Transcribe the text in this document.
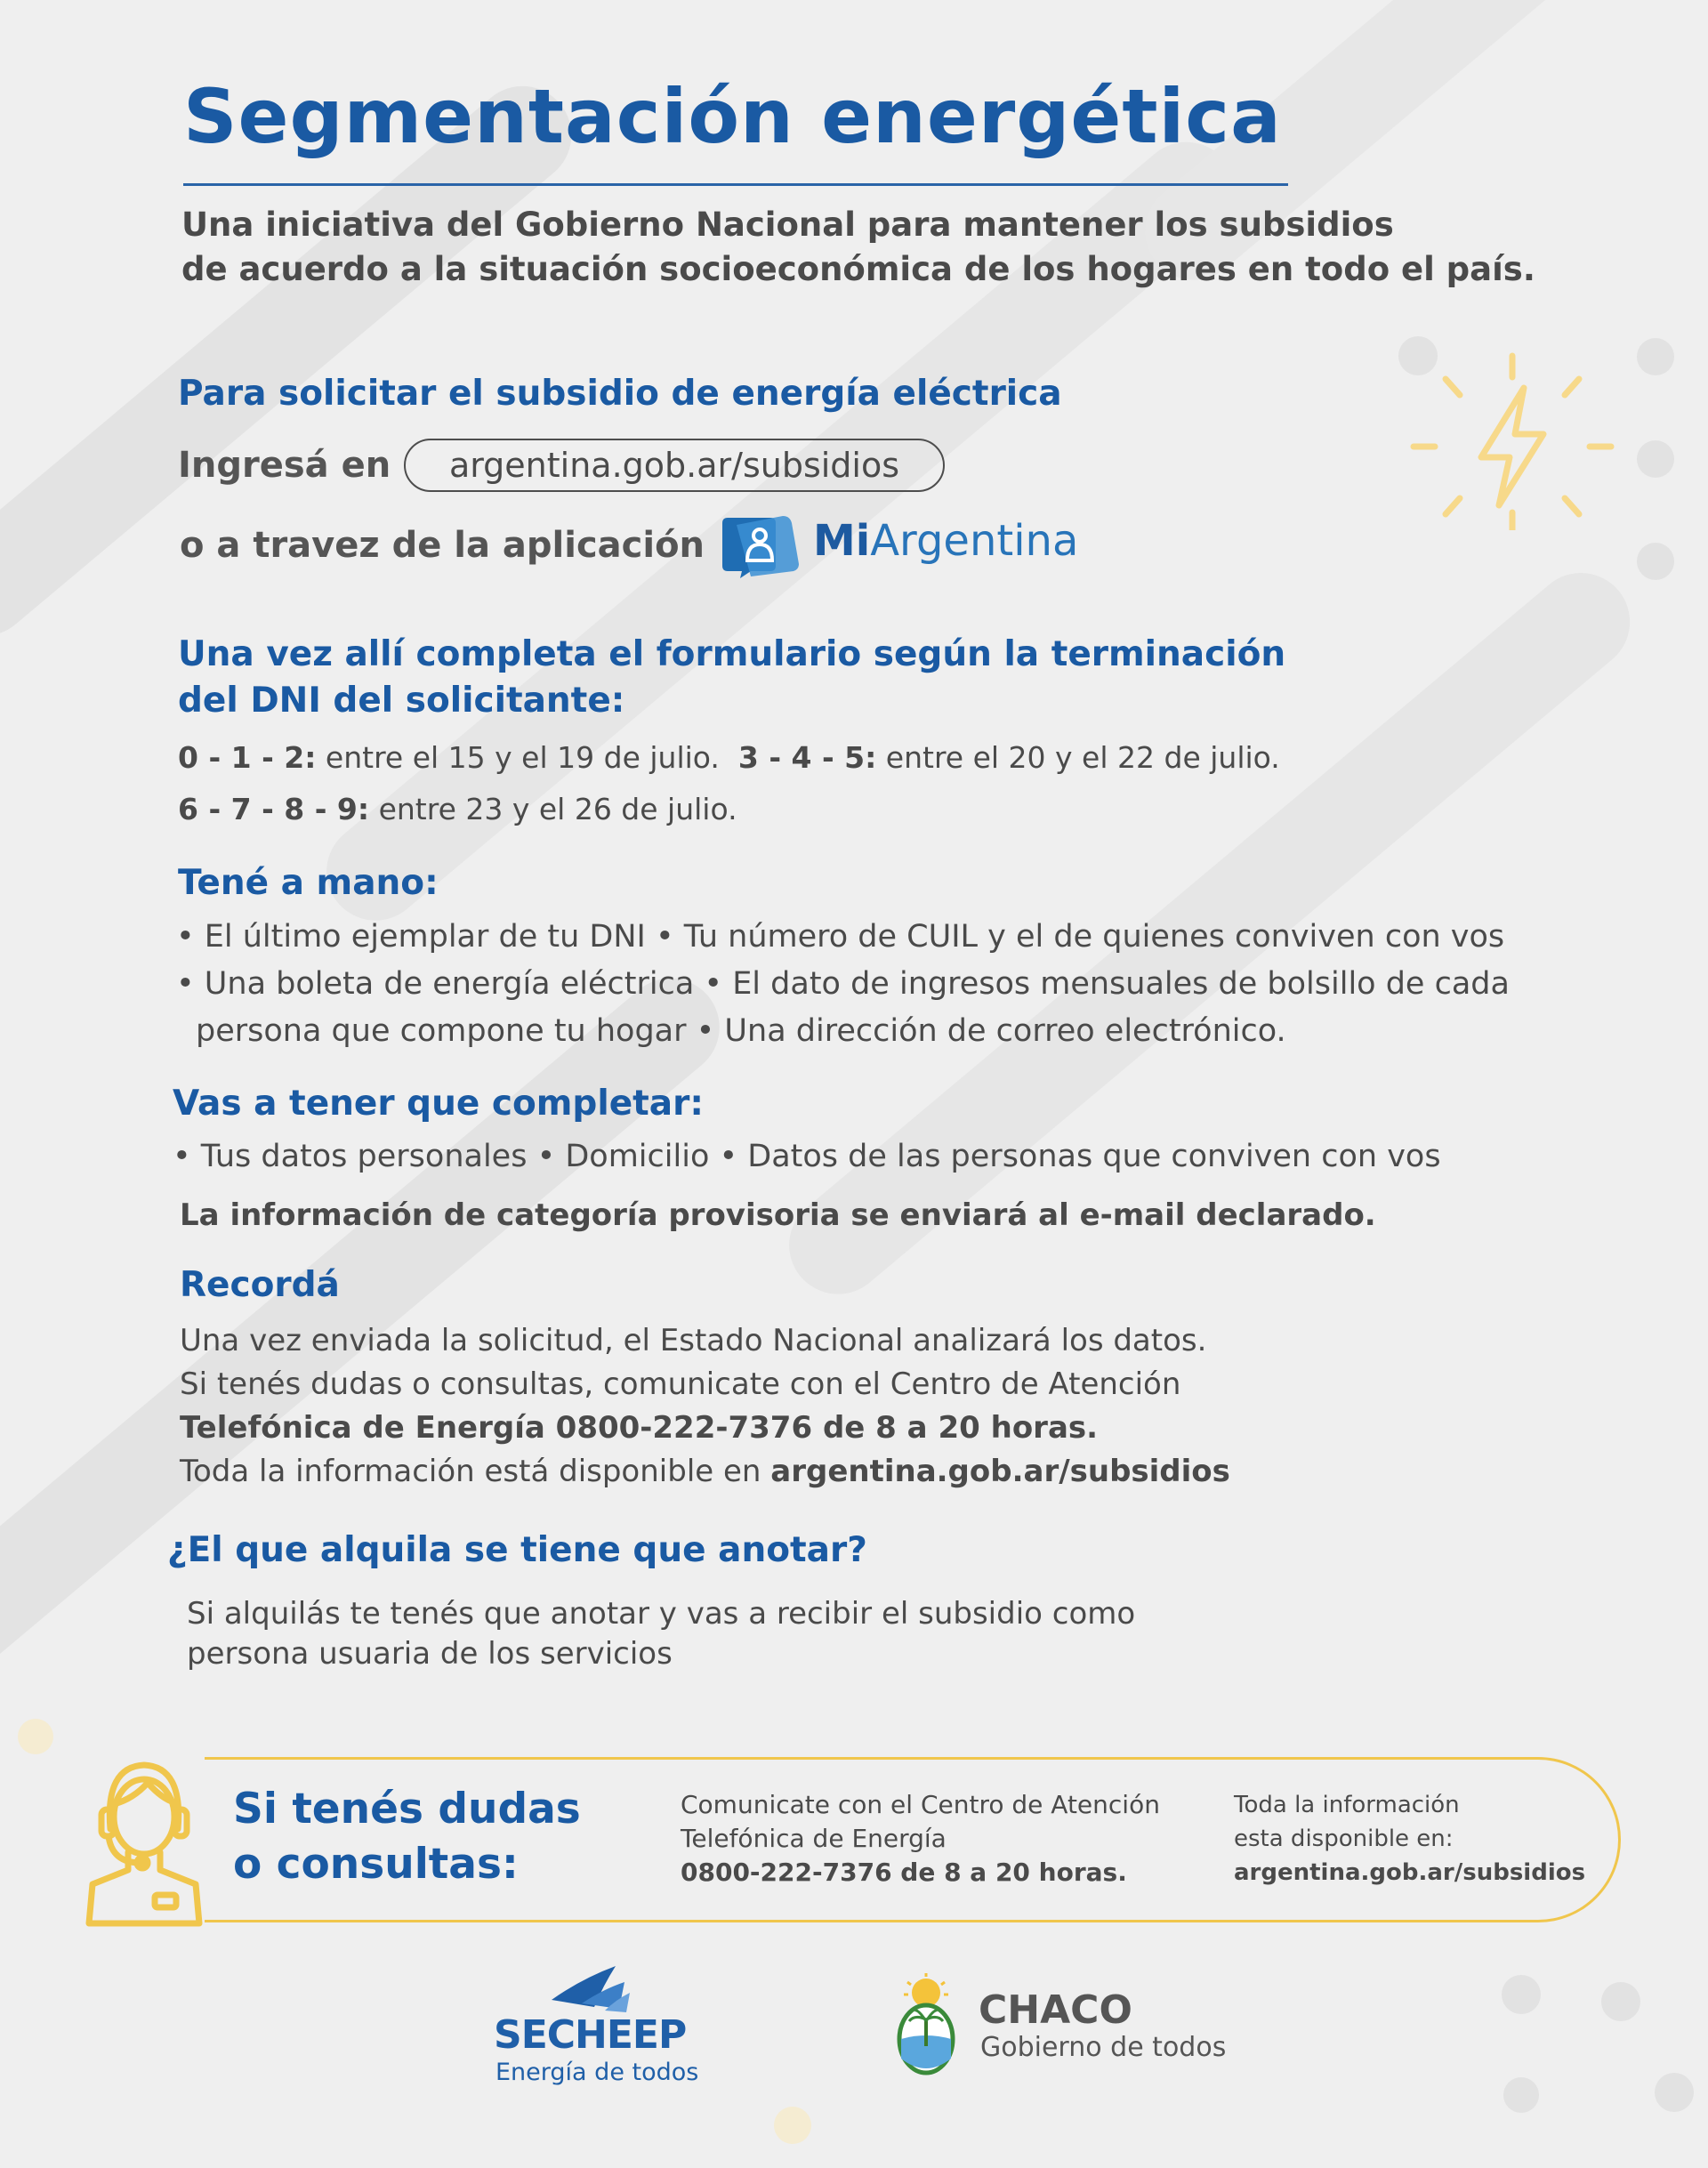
Segmentación energética

Una iniciativa del Gobierno Nacional para mantener los subsidios
de acuerdo a la situación socioeconómica de los hogares en todo el país.

Para solicitar el subsidio de energía eléctrica

Ingresá en	argentina.gob.ar/subsidios

o a travez de la aplicación	MiArgentina

Una vez allí completa el formulario según la terminación
del DNI del solicitante:

0 - 1 - 2: entre el 15 y el 19 de julio. 3 - 4 - 5: entre el 20 y el 22 de julio.

6 - 7 - 8 - 9: entre 23 y el 26 de julio.

Tené a mano:

• El último ejemplar de tu DNI • Tu número de CUIL y el de quienes conviven con vos

• Una boleta de energía eléctrica • El dato de ingresos mensuales de bolsillo de cada

persona que compone tu hogar • Una dirección de correo electrónico.

Vas a tener que completar:

• Tus datos personales • Domicilio • Datos de las personas que conviven con vos

La información de categoría provisoria se enviará al e-mail declarado.

Recordá

Una vez enviada la solicitud, el Estado Nacional analizará los datos.
Si tenés dudas o consultas, comunicate con el Centro de Atención
Telefónica de Energía 0800-222-7376 de 8 a 20 horas.
Toda la información está disponible en argentina.gob.ar/subsidios

¿El que alquila se tiene que anotar?

Si alquilás te tenés que anotar y vas a recibir el subsidio como
persona usuaria de los servicios

Si tenés dudas
o consultas:

Comunicate con el Centro de Atención
Telefónica de Energía
0800-222-7376 de 8 a 20 horas.

Toda la información
esta disponible en:
argentina.gob.ar/subsidios

SECHEEP

Energía de todos

CHACO

Gobierno de todos
